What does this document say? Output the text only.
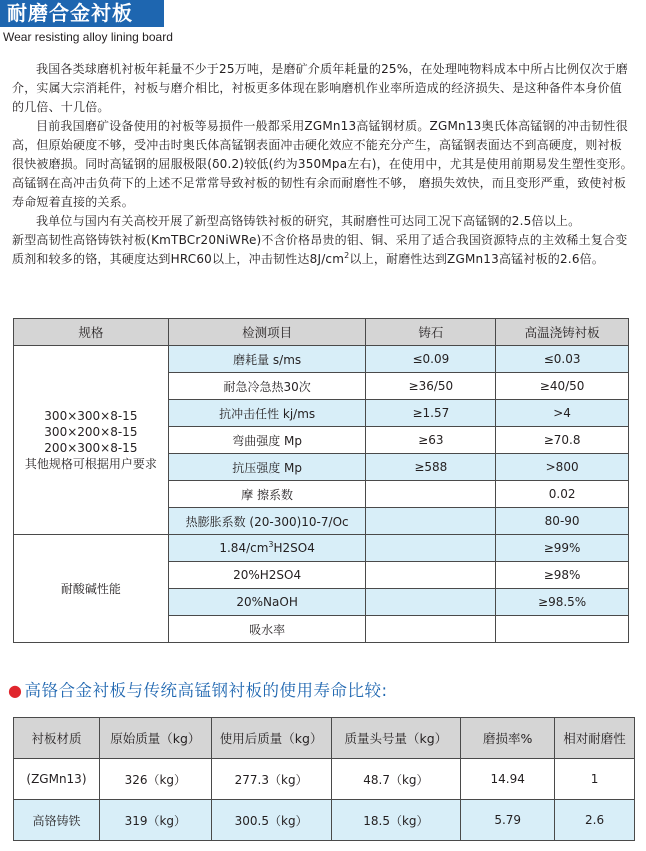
耐磨合金衬板
Wear resisting alloy lining board

我国各类球磨机衬板年耗量不少于25万吨，是磨矿介质年耗量的25%，在处理吨物料成本中所占比例仅次于磨介，实属大宗消耗件，衬板与磨介相比，衬板更多体现在影响磨机作业率所造成的经济损失、是这种备件本身价值的几倍、十几倍。

目前我国磨矿设备使用的衬板等易损件一般都采用ZGMn13高锰钢材质。ZGMn13奥氏体高锰钢的冲击韧性很高，但原始硬度不够，受冲击时奥氏体高锰钢表面冲击硬化效应不能充分产生，高锰钢表面达不到高硬度，则衬板很快被磨损。同时高锰钢的屈服极限(δ0.2)较低(约为350Mpa左右)，在使用中，尤其是使用前期易发生塑性变形。高锰钢在高冲击负荷下的上述不足常常导致衬板的韧性有余而耐磨性不够， 磨损失效快，而且变形严重，致使衬板寿命短着直接的关系。

我单位与国内有关高校开展了新型高铬铸铁衬板的研究，其耐磨性可达同工况下高锰钢的2.5倍以上。

新型高韧性高铬铸铁衬板(KmTBCr20NiWRe)不含价格昂贵的钼、铜、采用了适合我国资源特点的主效稀土复合变质剂和较多的铬，其硬度达到HRC60以上，冲击韧性达$8J/cm^2$以上，耐磨性达到ZGMn13高锰衬板的2.6倍。

规格	检测项目	铸石	高温浇铸衬板

300×300×8-15
300×200×8-15
200×300×8-15
其他规格可根据用户要求	磨耗量 s/ms	≤0.09	≤0.03
	耐急冷急热30次	≥36/50	≥40/50
	抗冲击任性 kj/ms	≥1.57	>4
	弯曲强度 Mp	≥63	≥70.8
	抗压强度 Mp	≥588	>800
	摩 擦系数		0.02
	热膨胀系数 (20-300)10-7/Oc		80-90
耐酸碱性能	$1.84/cm^3H2SO4$		≥99%
	20%H2SO4		≥98%
	20%NaOH		≥98.5%
	吸水率		
● 高铬合金衬板与传统高锰钢衬板的使用寿命比较:
衬板材质	原始质量（kg）	使用后质量（kg）	质量头号量（kg）	磨损率%	相对耐磨性
(ZGMn13)	326（kg）	277.3（kg）	48.7（kg）	14.94	1
高铬铸铁	319（kg）	300.5（kg）	18.5（kg）	5.79	2.6
